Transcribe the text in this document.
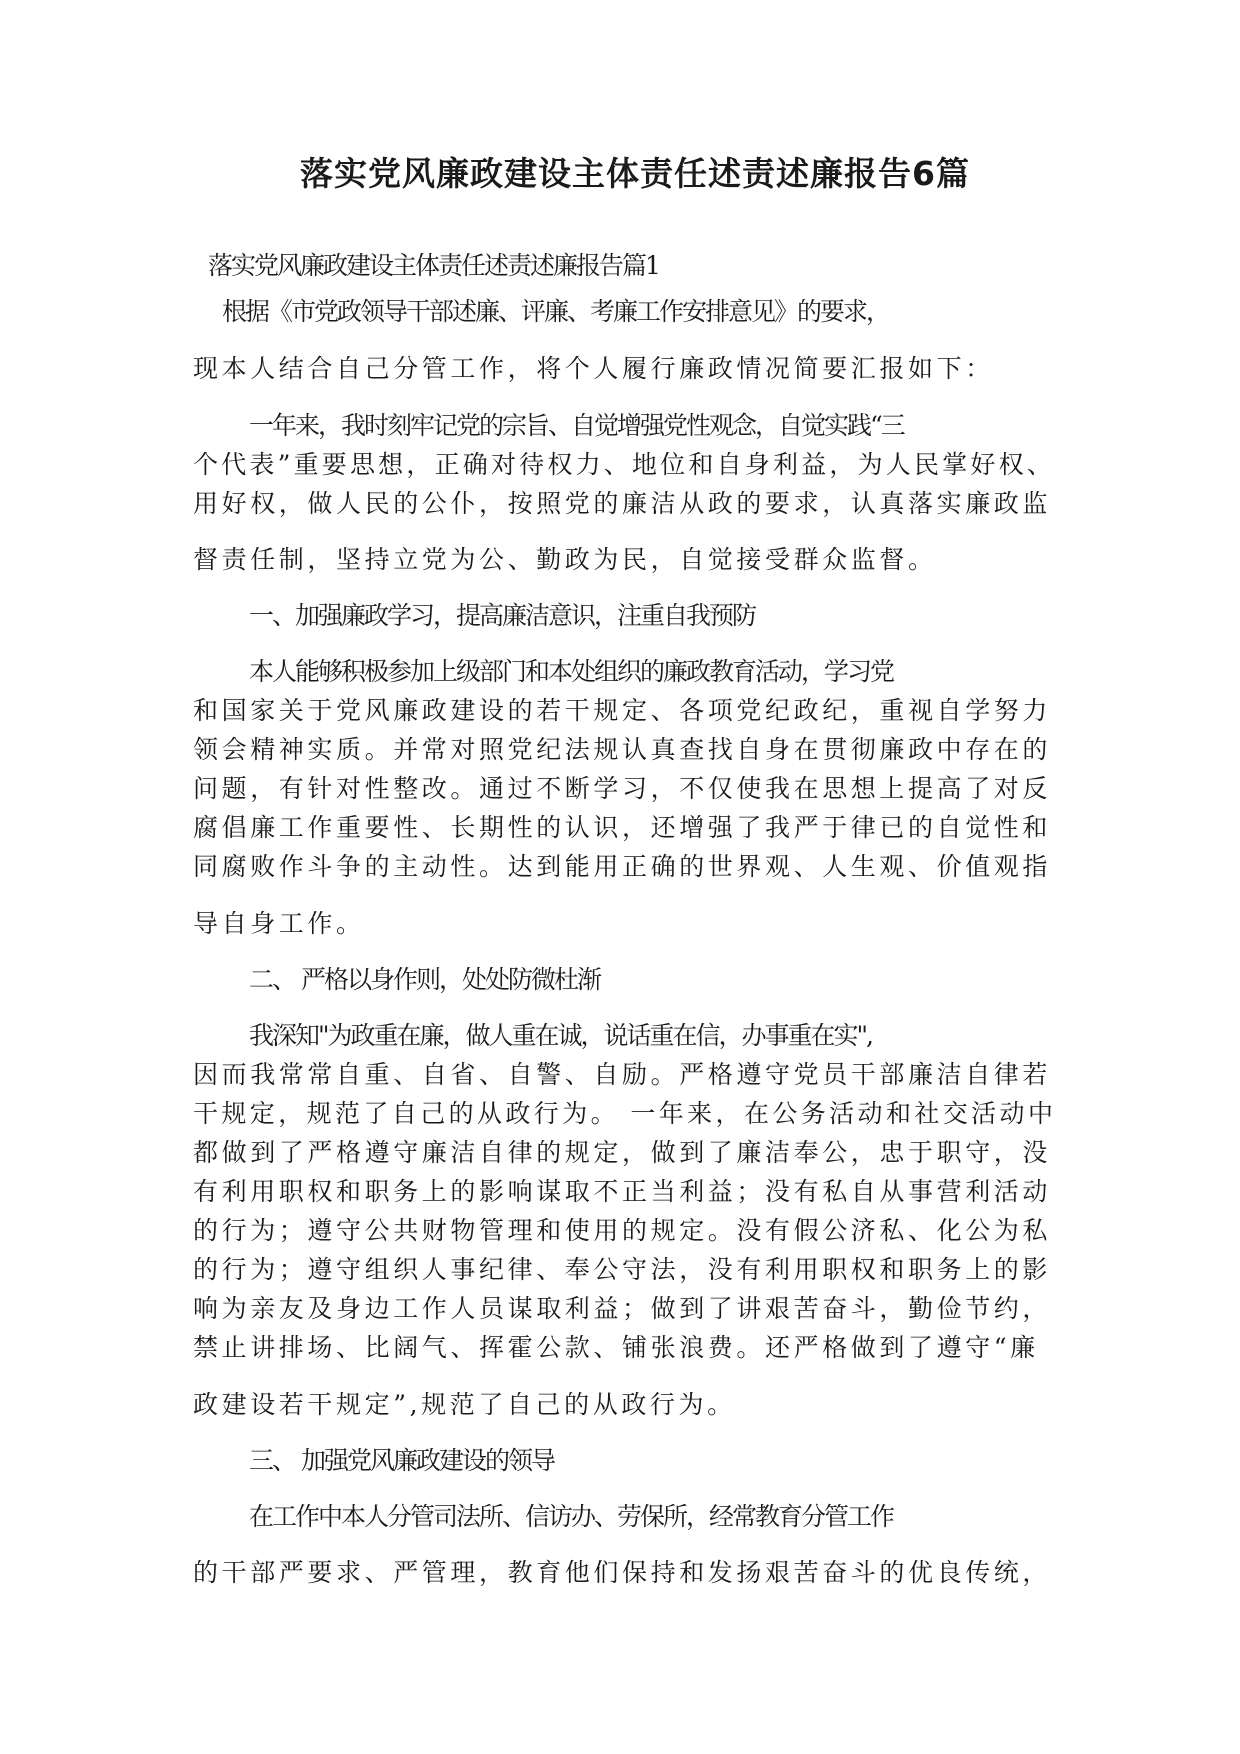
落实党风廉政建设主体责任述责述廉报告6篇
落实党风廉政建设主体责任述责述廉报告篇1
根据《市党政领导干部述廉、评廉、考廉工作安排意见》的要求，
现本人结合自己分管工作，将个人履行廉政情况简要汇报如下：
一年来，我时刻牢记党的宗旨、自觉增强党性观念，自觉实践“三
个代表”重要思想，正确对待权力、地位和自身利益，为人民掌好权、
用好权，做人民的公仆，按照党的廉洁从政的要求，认真落实廉政监
督责任制，坚持立党为公、勤政为民，自觉接受群众监督。
一、加强廉政学习，提高廉洁意识，注重自我预防
本人能够积极参加上级部门和本处组织的廉政教育活动，学习党
和国家关于党风廉政建设的若干规定、各项党纪政纪，重视自学努力
领会精神实质。并常对照党纪法规认真查找自身在贯彻廉政中存在的
问题，有针对性整改。通过不断学习，不仅使我在思想上提高了对反
腐倡廉工作重要性、长期性的认识，还增强了我严于律已的自觉性和
同腐败作斗争的主动性。达到能用正确的世界观、人生观、价值观指
导自身工作。
二、 严格以身作则，处处防微杜渐
我深知"为政重在廉，做人重在诚，说话重在信，办事重在实",
因而我常常自重、自省、自警、自励。严格遵守党员干部廉洁自律若
干规定，规范了自己的从政行为。 一年来，在公务活动和社交活动中
都做到了严格遵守廉洁自律的规定，做到了廉洁奉公，忠于职守，没
有利用职权和职务上的影响谋取不正当利益；没有私自从事营利活动
的行为；遵守公共财物管理和使用的规定。没有假公济私、化公为私
的行为；遵守组织人事纪律、奉公守法，没有利用职权和职务上的影
响为亲友及身边工作人员谋取利益；做到了讲艰苦奋斗，勤俭节约，
禁止讲排场、比阔气、挥霍公款、铺张浪费。还严格做到了遵守“廉
政建设若干规定”,规范了自己的从政行为。
三、 加强党风廉政建设的领导
在工作中本人分管司法所、信访办、劳保所，经常教育分管工作
的干部严要求、严管理，教育他们保持和发扬艰苦奋斗的优良传统，
